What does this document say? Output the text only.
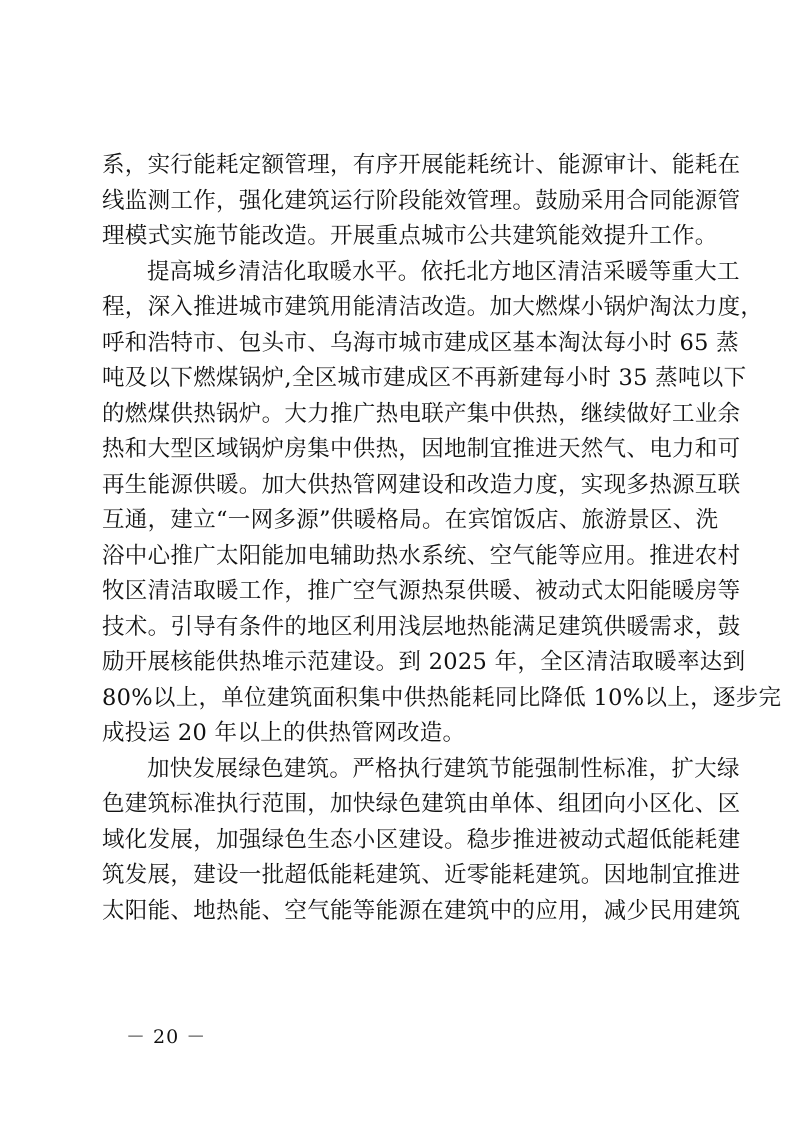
系，实行能耗定额管理，有序开展能耗统计、能源审计、能耗在
线监测工作，强化建筑运行阶段能效管理。鼓励采用合同能源管
理模式实施节能改造。开展重点城市公共建筑能效提升工作。
提高城乡清洁化取暖水平。依托北方地区清洁采暖等重大工
程，深入推进城市建筑用能清洁改造。加大燃煤小锅炉淘汰力度，
呼和浩特市、包头市、乌海市城市建成区基本淘汰每小时 65 蒸
吨及以下燃煤锅炉,全区城市建成区不再新建每小时 35 蒸吨以下
的燃煤供热锅炉。大力推广热电联产集中供热，继续做好工业余
热和大型区域锅炉房集中供热，因地制宜推进天然气、电力和可
再生能源供暖。加大供热管网建设和改造力度，实现多热源互联
互通，建立“一网多源”供暖格局。在宾馆饭店、旅游景区、洗
浴中心推广太阳能加电辅助热水系统、空气能等应用。推进农村
牧区清洁取暖工作，推广空气源热泵供暖、被动式太阳能暖房等
技术。引导有条件的地区利用浅层地热能满足建筑供暖需求，鼓
励开展核能供热堆示范建设。到 2025 年，全区清洁取暖率达到
80%以上，单位建筑面积集中供热能耗同比降低 10%以上，逐步完
成投运 20 年以上的供热管网改造。
加快发展绿色建筑。严格执行建筑节能强制性标准，扩大绿
色建筑标准执行范围，加快绿色建筑由单体、组团向小区化、区
域化发展，加强绿色生态小区建设。稳步推进被动式超低能耗建
筑发展，建设一批超低能耗建筑、近零能耗建筑。因地制宜推进
太阳能、地热能、空气能等能源在建筑中的应用，减少民用建筑
－ 20 －
